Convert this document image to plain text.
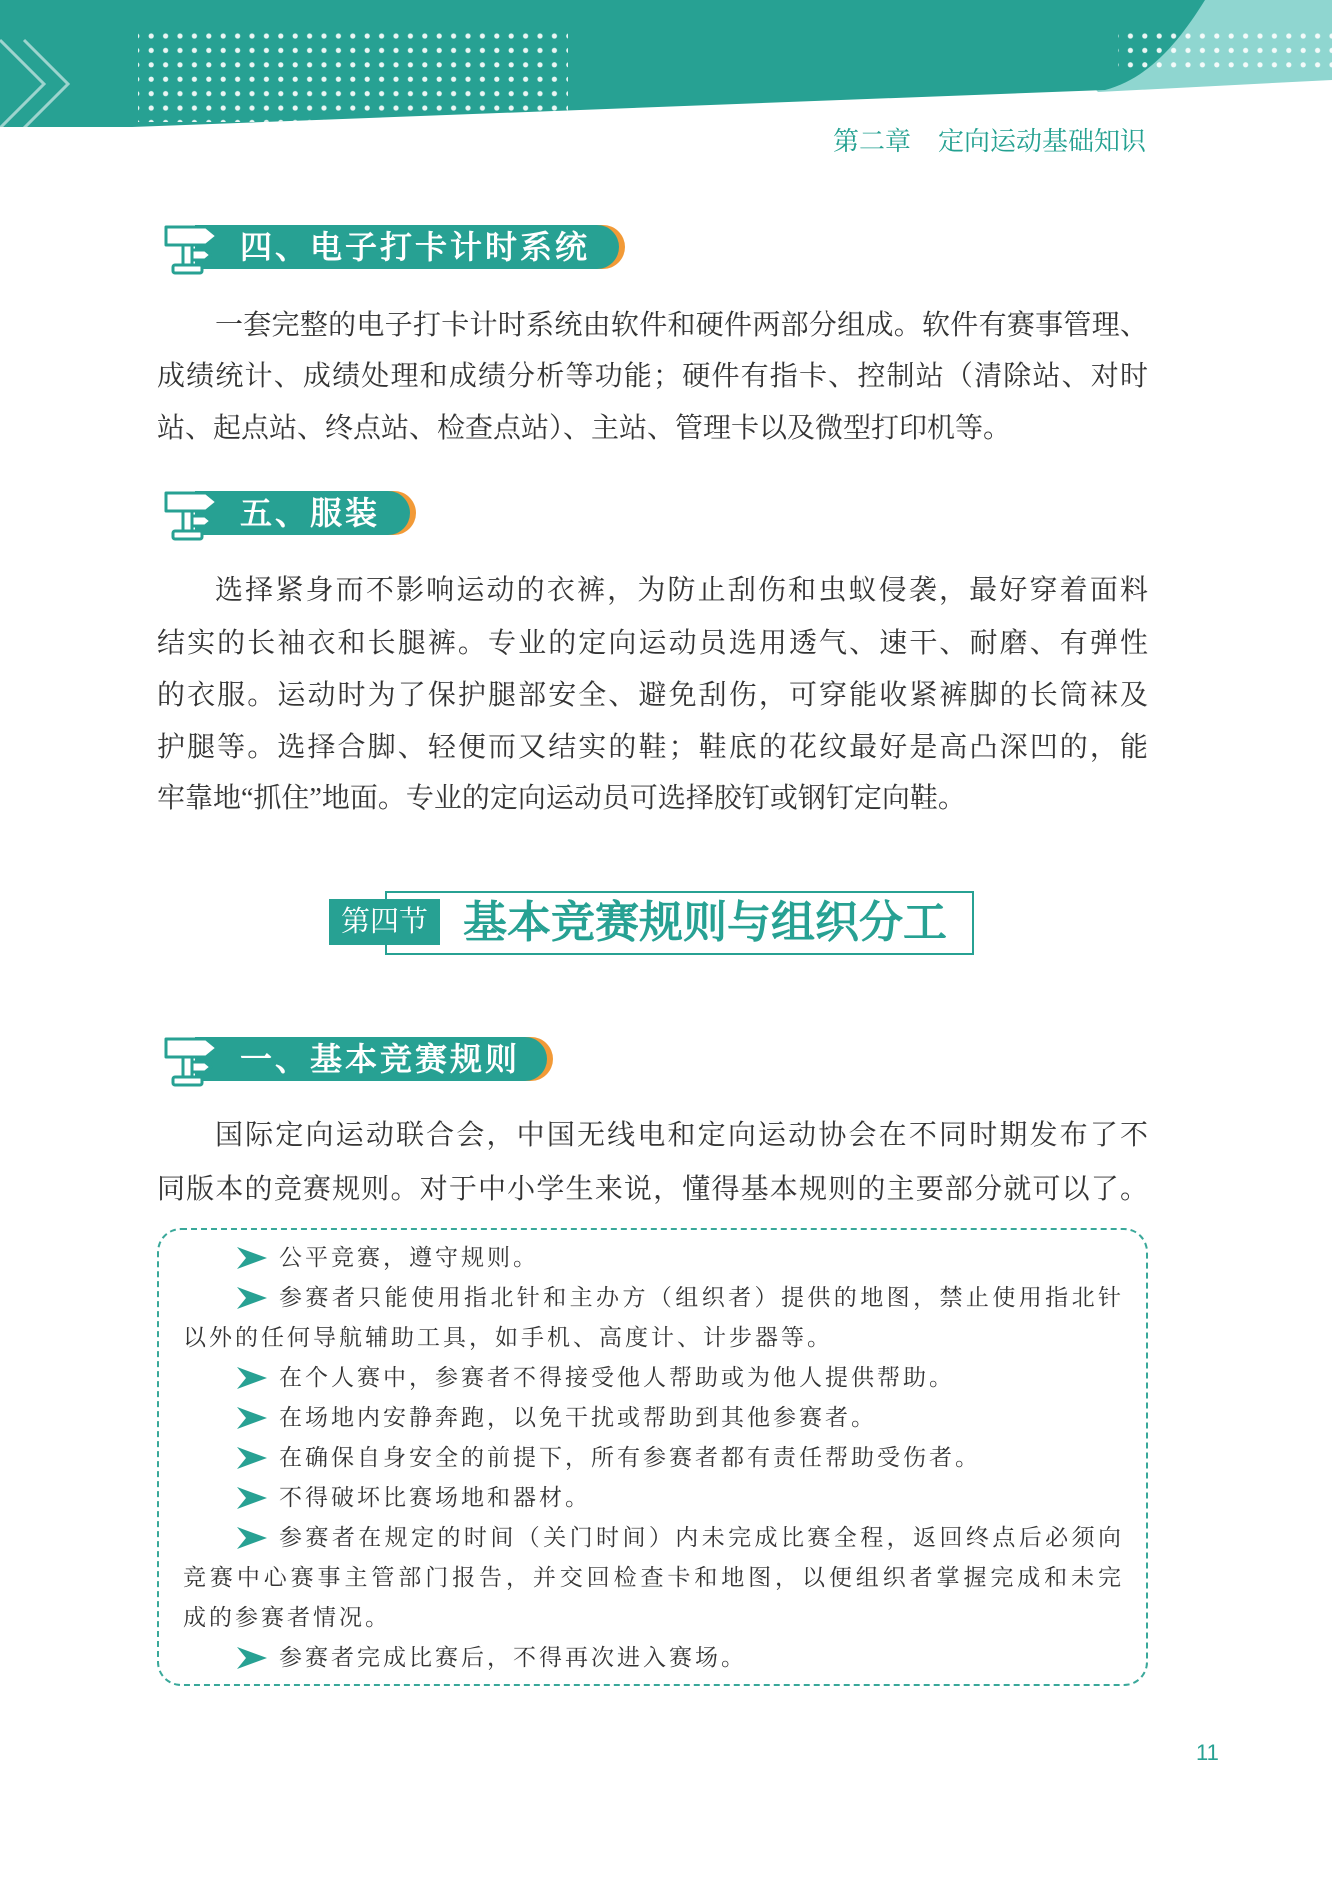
第二章 定向运动基础知识
四、电子打卡计时系统
一套完整的电子打卡计时系统由软件和硬件两部分组成。软件有赛事管理、
成绩统计、成绩处理和成绩分析等功能；硬件有指卡、控制站（清除站、对时
站、起点站、终点站、检查点站）、主站、管理卡以及微型打印机等。
五、服装
选择紧身而不影响运动的衣裤，为防止刮伤和虫蚁侵袭，最好穿着面料
结实的长袖衣和长腿裤。专业的定向运动员选用透气、速干、耐磨、有弹性
的衣服。运动时为了保护腿部安全、避免刮伤，可穿能收紧裤脚的长筒袜及
护腿等。选择合脚、轻便而又结实的鞋；鞋底的花纹最好是高凸深凹的，能
牢靠地“抓住”地面。专业的定向运动员可选择胶钉或钢钉定向鞋。
第四节 基本竞赛规则与组织分工
一、基本竞赛规则
国际定向运动联合会，中国无线电和定向运动协会在不同时期发布了不
同版本的竞赛规则。对于中小学生来说，懂得基本规则的主要部分就可以了。
公平竞赛，遵守规则。
参赛者只能使用指北针和主办方（组织者）提供的地图，禁止使用指北针
以外的任何导航辅助工具，如手机、高度计、计步器等。
在个人赛中，参赛者不得接受他人帮助或为他人提供帮助。
在场地内安静奔跑，以免干扰或帮助到其他参赛者。
在确保自身安全的前提下，所有参赛者都有责任帮助受伤者。
不得破坏比赛场地和器材。
参赛者在规定的时间（关门时间）内未完成比赛全程，返回终点后必须向
竞赛中心赛事主管部门报告，并交回检查卡和地图，以便组织者掌握完成和未完
成的参赛者情况。
参赛者完成比赛后，不得再次进入赛场。
11
